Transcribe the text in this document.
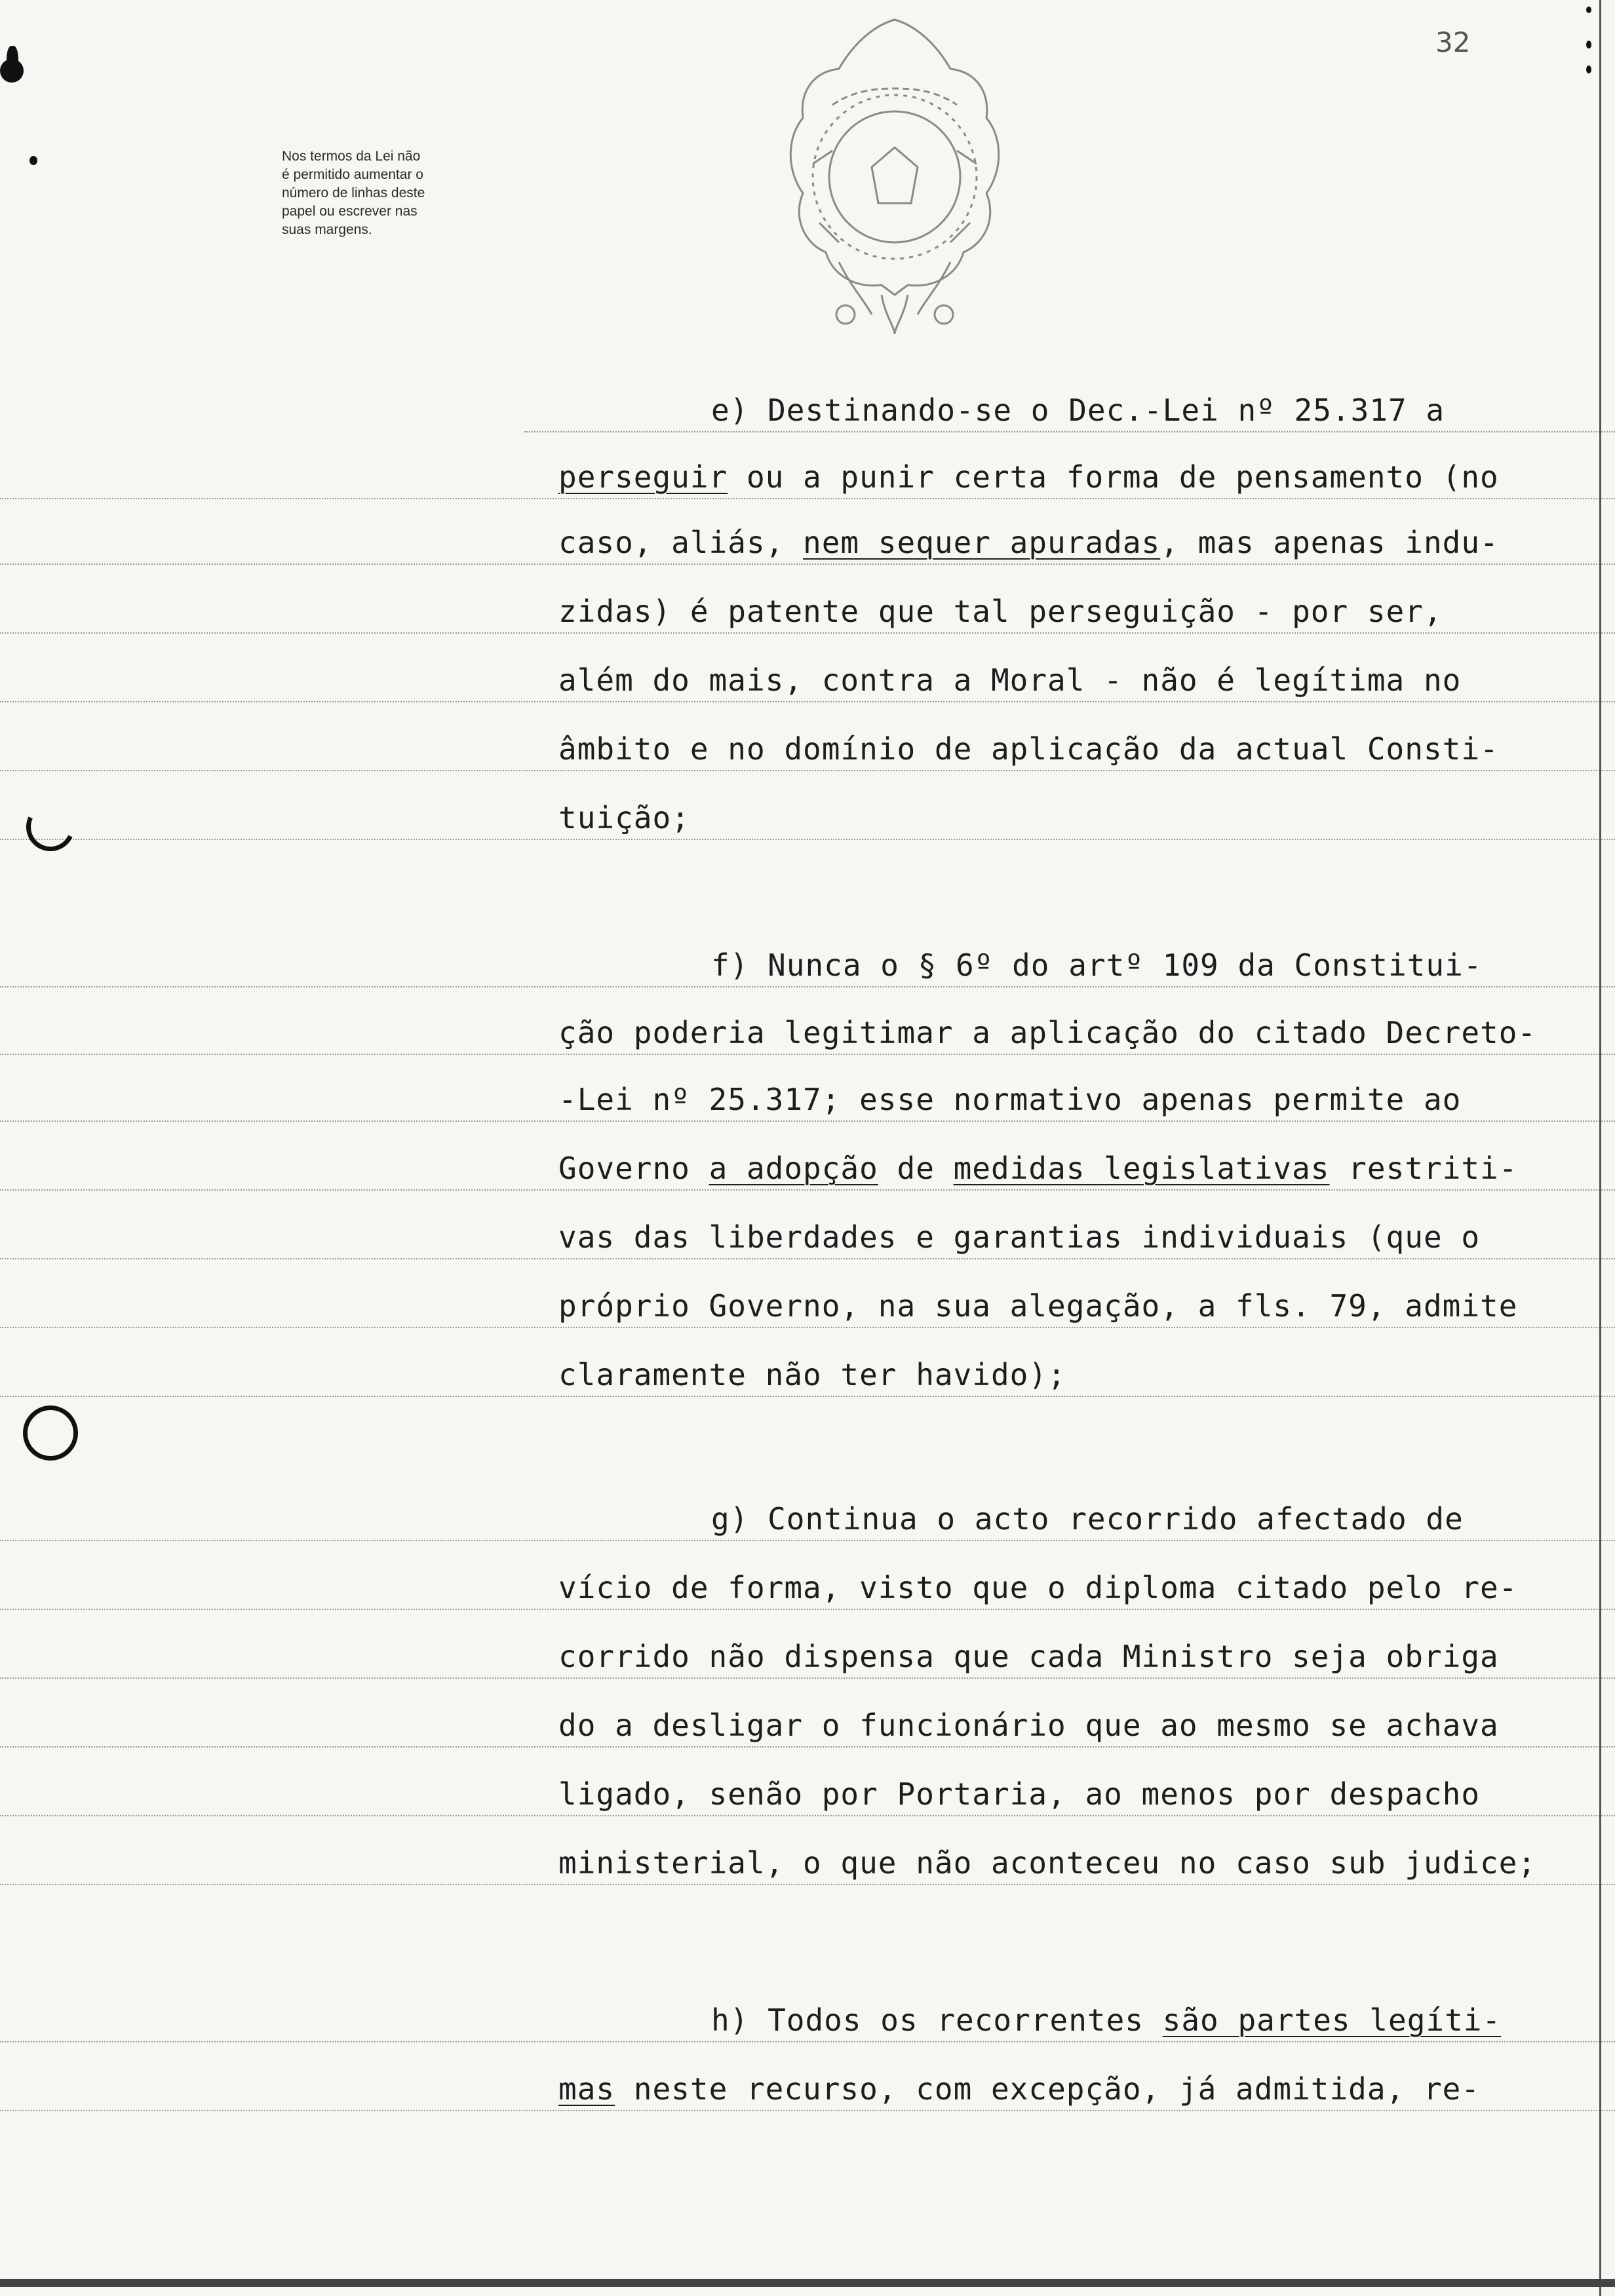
32
Nos termos da Lei não
é permitido aumentar o
número de linhas deste
papel ou escrever nas
suas margens.
e) Destinando-se o Dec.-Lei nº 25.317 a
perseguir ou a punir certa forma de pensamento (no
caso, aliás, nem sequer apuradas, mas apenas indu-
zidas) é patente que tal perseguição - por ser,
além do mais, contra a Moral - não é legítima no
âmbito e no domínio de aplicação da actual Consti-
tuição;
f) Nunca o § 6º do artº 109 da Constitui-
ção poderia legitimar a aplicação do citado Decreto-
-Lei nº 25.317; esse normativo apenas permite ao
Governo a adopção de medidas legislativas restriti-
vas das liberdades e garantias individuais (que o
próprio Governo, na sua alegação, a fls. 79, admite
claramente não ter havido);
g) Continua o acto recorrido afectado de
vício de forma, visto que o diploma citado pelo re-
corrido não dispensa que cada Ministro seja obriga
do a desligar o funcionário que ao mesmo se achava
ligado, senão por Portaria, ao menos por despacho
ministerial, o que não aconteceu no caso sub judice;
h) Todos os recorrentes são partes legíti-
mas neste recurso, com excepção, já admitida, re-
